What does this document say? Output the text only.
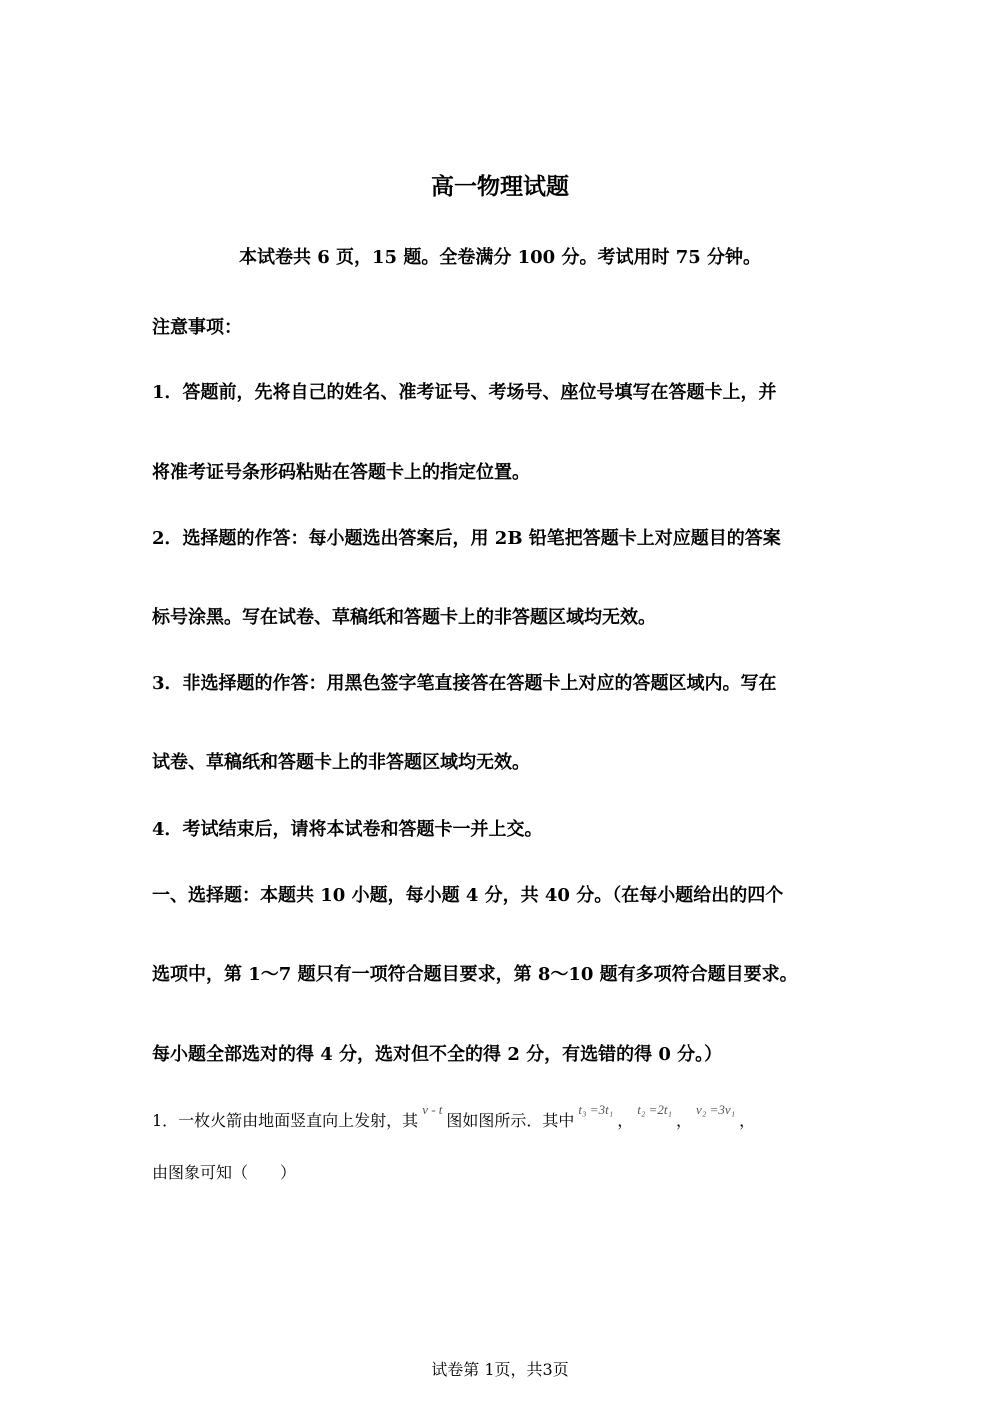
高一物理试题
本试卷共 6 页，15 题。全卷满分 100 分。考试用时 75 分钟。
注意事项：
1．答题前，先将自己的姓名、准考证号、考场号、座位号填写在答题卡上，并
将准考证号条形码粘贴在答题卡上的指定位置。
2．选择题的作答：每小题选出答案后，用 2B 铅笔把答题卡上对应题目的答案
标号涂黑。写在试卷、草稿纸和答题卡上的非答题区域均无效。
3．非选择题的作答：用黑色签字笔直接答在答题卡上对应的答题区域内。写在
试卷、草稿纸和答题卡上的非答题区域均无效。
4．考试结束后，请将本试卷和答题卡一并上交。
一、选择题：本题共 10 小题，每小题 4 分，共 40 分。（在每小题给出的四个
选项中，第 1～7 题只有一项符合题目要求，第 8～10 题有多项符合题目要求。
每小题全部选对的得 4 分，选对但不全的得 2 分，有选错的得 0 分。）
1．一枚火箭由地面竖直向上发射，其v - t图如图所示．其中t₃ =3t₁，t₂ =2t₁，v₂ =3v₁，
由图象可知（　　）
试卷第 1页，共3页
